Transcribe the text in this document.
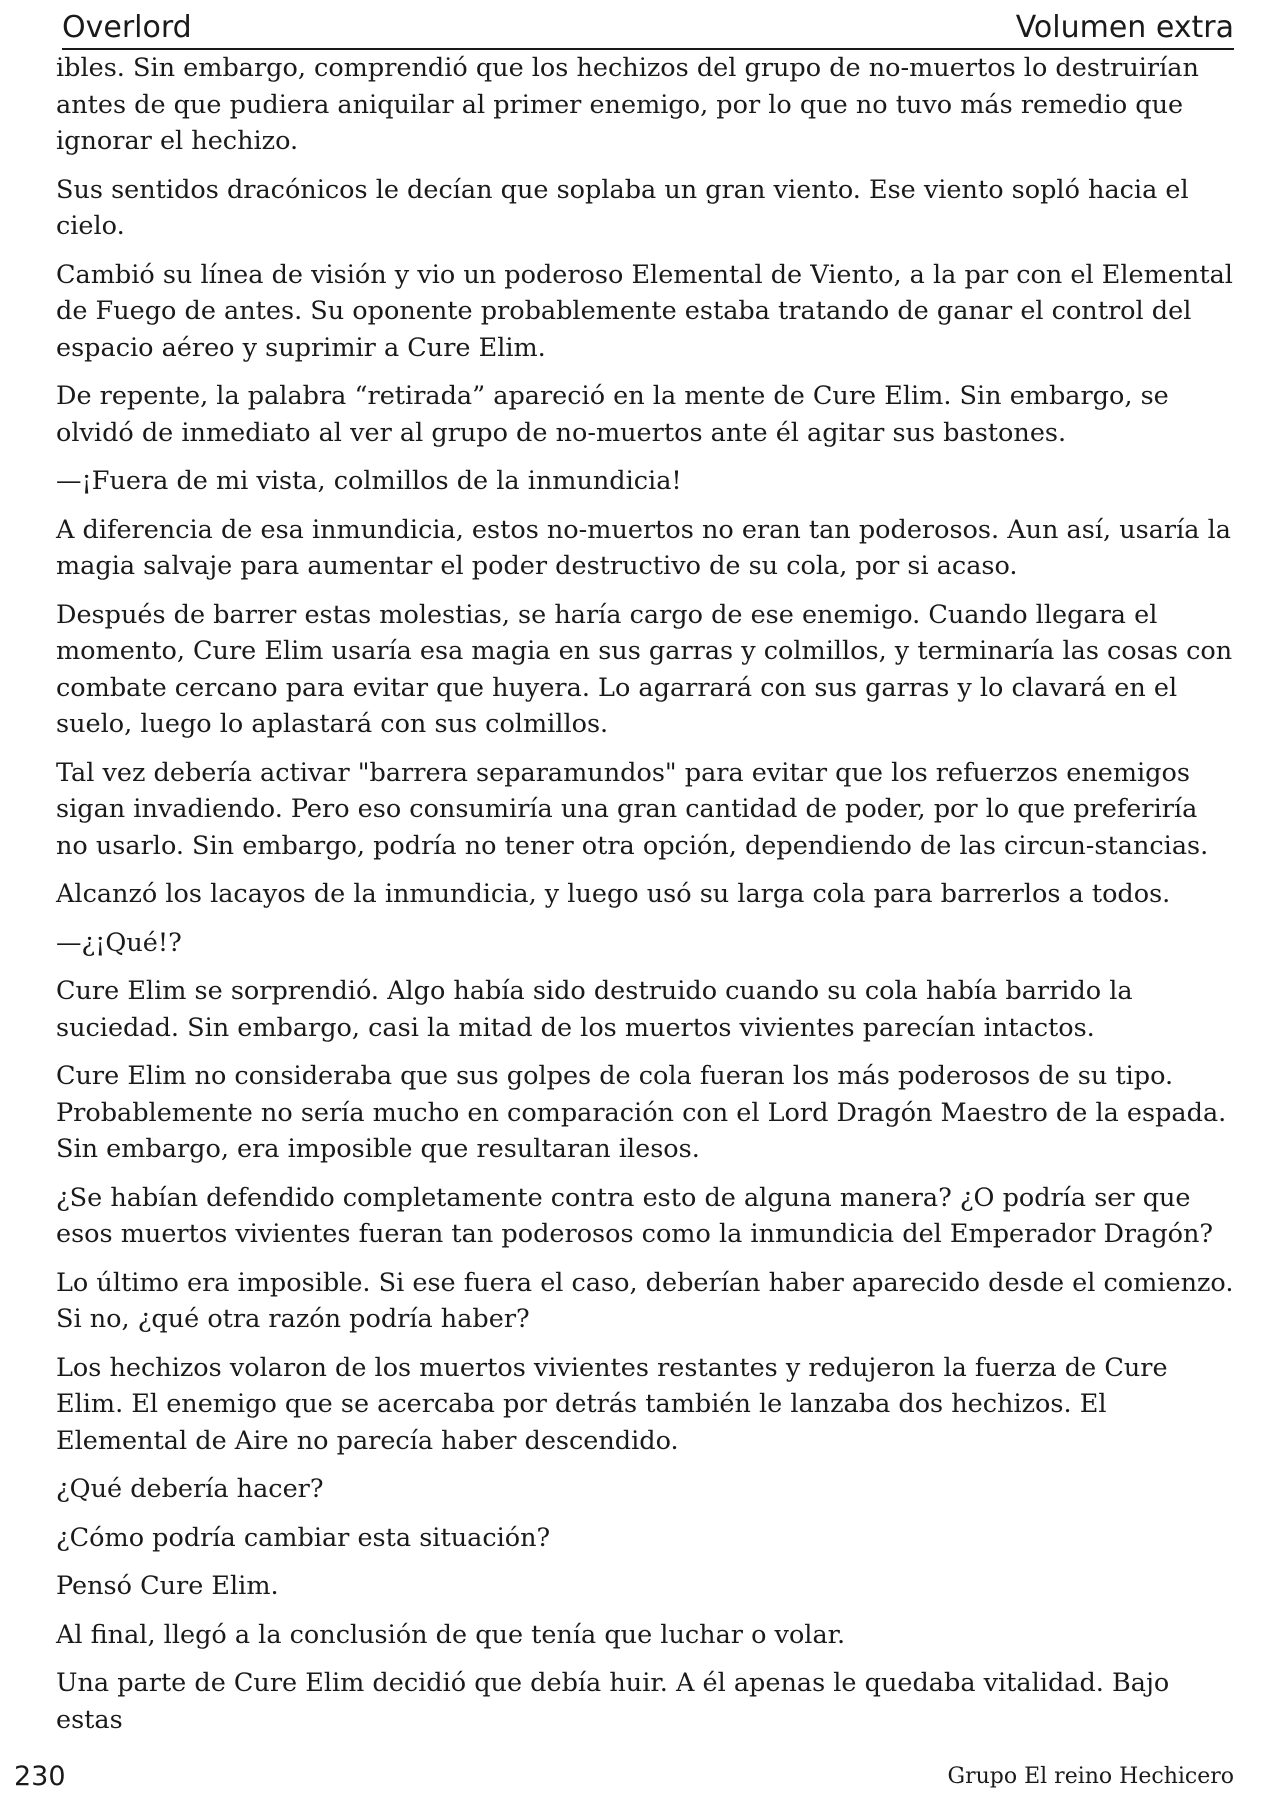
Overlord	Volumen extra

ibles. Sin embargo, comprendió que los hechizos del grupo de no-muertos lo destruirían antes de que pudiera aniquilar al primer enemigo, por lo que no tuvo más remedio que ignorar el hechizo.

Sus sentidos dracónicos le decían que soplaba un gran viento. Ese viento sopló hacia el cielo.

Cambió su línea de visión y vio un poderoso Elemental de Viento, a la par con el Elemental de Fuego de antes. Su oponente probablemente estaba tratando de ganar el control del espacio aéreo y suprimir a Cure Elim.

De repente, la palabra “retirada” apareció en la mente de Cure Elim. Sin embargo, se olvidó de inmediato al ver al grupo de no-muertos ante él agitar sus bastones.

—¡Fuera de mi vista, colmillos de la inmundicia!

A diferencia de esa inmundicia, estos no-muertos no eran tan poderosos. Aun así, usaría la magia salvaje para aumentar el poder destructivo de su cola, por si acaso.

Después de barrer estas molestias, se haría cargo de ese enemigo. Cuando llegara el momento, Cure Elim usaría esa magia en sus garras y colmillos, y terminaría las cosas con combate cercano para evitar que huyera. Lo agarrará con sus garras y lo clavará en el suelo, luego lo aplastará con sus colmillos.

Tal vez debería activar "barrera separamundos" para evitar que los refuerzos enemigos sigan invadiendo. Pero eso consumiría una gran cantidad de poder, por lo que preferiría no usarlo. Sin embargo, podría no tener otra opción, dependiendo de las circun-stancias.

Alcanzó los lacayos de la inmundicia, y luego usó su larga cola para barrerlos a todos.

—¿¡Qué!?

Cure Elim se sorprendió. Algo había sido destruido cuando su cola había barrido la suciedad. Sin embargo, casi la mitad de los muertos vivientes parecían intactos.

Cure Elim no consideraba que sus golpes de cola fueran los más poderosos de su tipo. Probablemente no sería mucho en comparación con el Lord Dragón Maestro de la espada. Sin embargo, era imposible que resultaran ilesos.

¿Se habían defendido completamente contra esto de alguna manera? ¿O podría ser que esos muertos vivientes fueran tan poderosos como la inmundicia del Emperador Dragón?

Lo último era imposible. Si ese fuera el caso, deberían haber aparecido desde el comienzo. Si no, ¿qué otra razón podría haber?

Los hechizos volaron de los muertos vivientes restantes y redujeron la fuerza de Cure Elim. El enemigo que se acercaba por detrás también le lanzaba dos hechizos. El Elemental de Aire no parecía haber descendido.

¿Qué debería hacer?

¿Cómo podría cambiar esta situación?

Pensó Cure Elim.

Al final, llegó a la conclusión de que tenía que luchar o volar.

Una parte de Cure Elim decidió que debía huir. A él apenas le quedaba vitalidad. Bajo estas

230	Grupo El reino Hechicero
